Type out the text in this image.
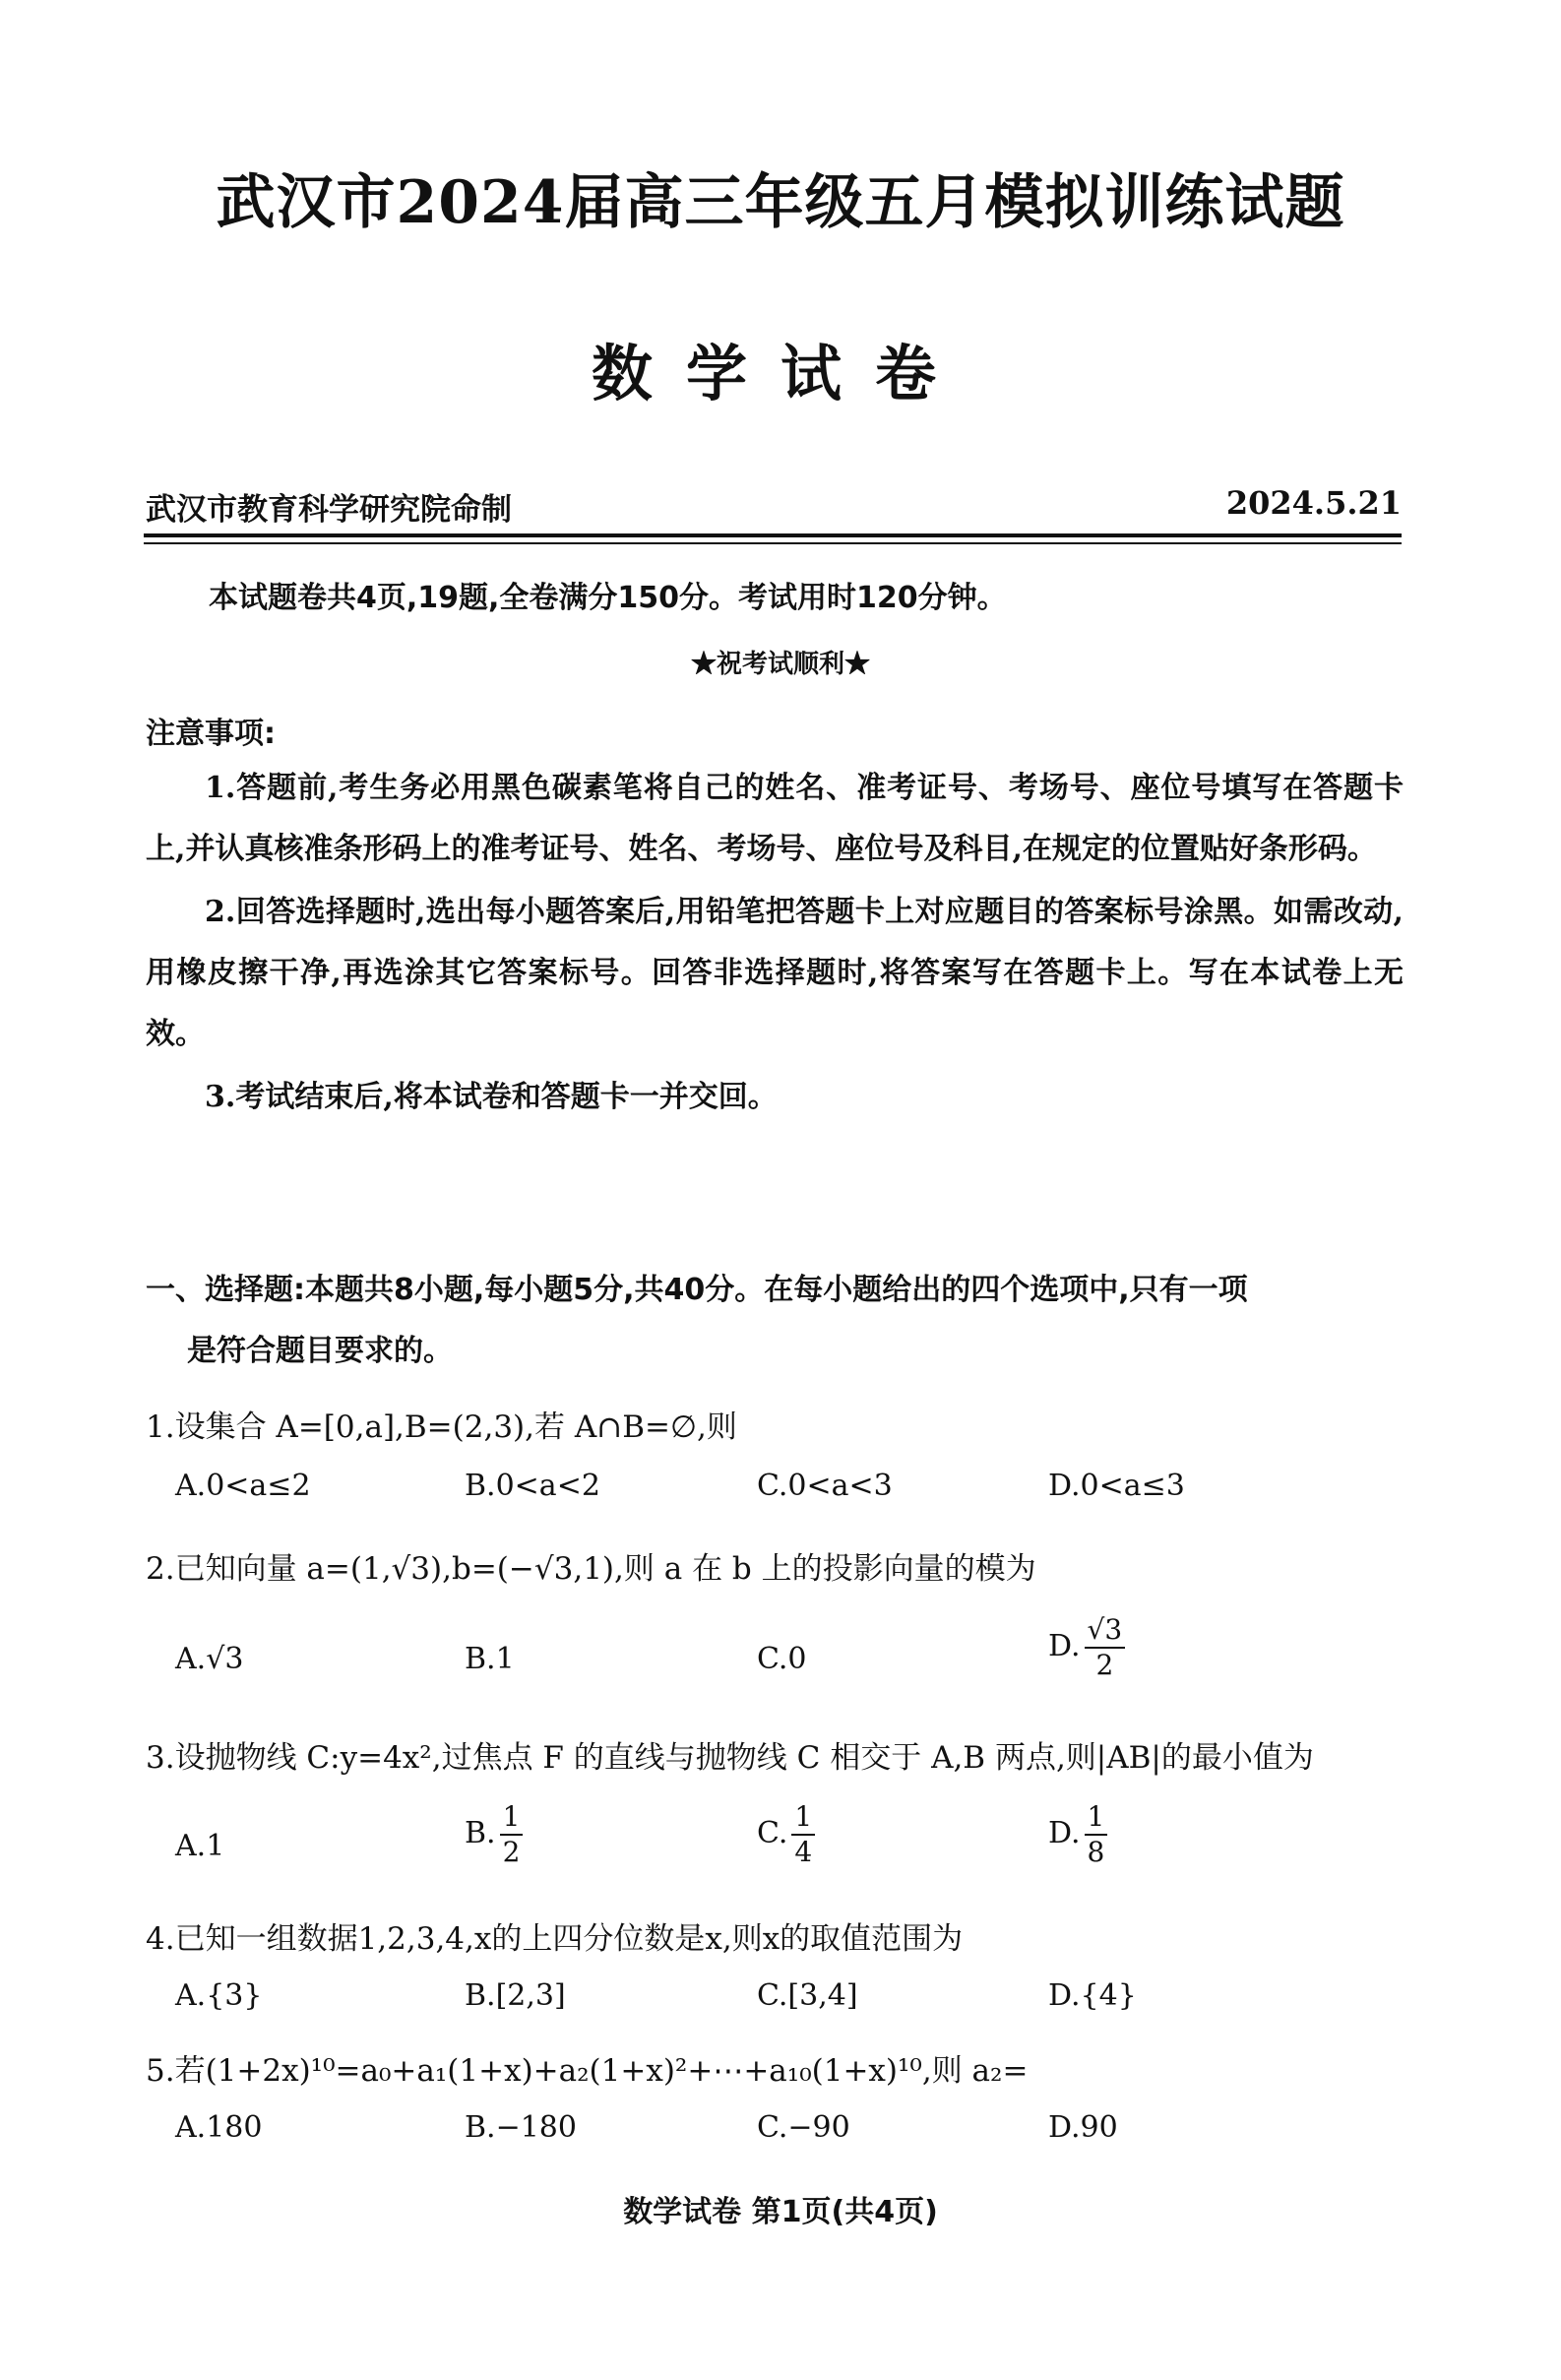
武汉市2024届高三年级五月模拟训练试题
数学试卷
武汉市教育科学研究院命制	2024.5.21
本试题卷共4页,19题,全卷满分150分。考试用时120分钟。
★祝考试顺利★
注意事项:

1.答题前,考生务必用黑色碳素笔将自己的姓名、准考证号、考场号、座位号填写在答题卡上,并认真核准条形码上的准考证号、姓名、考场号、座位号及科目,在规定的位置贴好条形码。

2.回答选择题时,选出每小题答案后,用铅笔把答题卡上对应题目的答案标号涂黑。如需改动,用橡皮擦干净,再选涂其它答案标号。回答非选择题时,将答案写在答题卡上。写在本试卷上无效。

3.考试结束后,将本试卷和答题卡一并交回。

一、选择题:本题共8小题,每小题5分,共40分。在每小题给出的四个选项中,只有一项
是符合题目要求的。
1.设集合 A=[0,a],B=(2,3),若 A∩B=∅,则
A.0<a≤2	B.0<a<2	C.0<a<3	D.0<a≤3
2.已知向量 a=(1,√3),b=(−√3,1),则 a 在 b 上的投影向量的模为
A.√3	B.1	C.0	D. $\frac{√3}{2}$
3.设抛物线 C:y=4x²,过焦点 F 的直线与抛物线 C 相交于 A,B 两点,则|AB|的最小值为
A.1	B. $\frac{1}{2}$	C. $\frac{1}{4}$	D. $\frac{1}{8}$
4.已知一组数据1,2,3,4,x的上四分位数是x,则x的取值范围为
A.{3}	B.[2,3]	C.[3,4]	D.{4}
5.若(1+2x)¹⁰=a₀+a₁(1+x)+a₂(1+x)²+⋯+a₁₀(1+x)¹⁰,则 a₂=
A.180	B.−180	C.−90	D.90
数学试卷 第1页(共4页)
